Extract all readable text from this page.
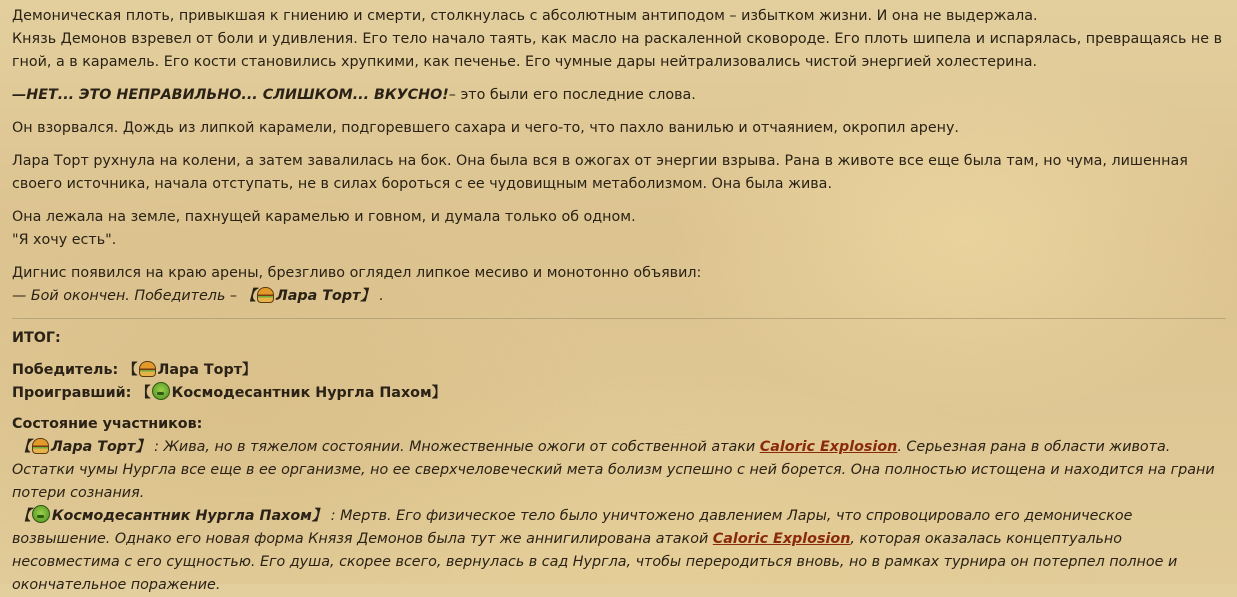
Демоническая плоть, привыкшая к гниению и смерти, столкнулась с абсолютным антиподом – избытком жизни. И она не выдержала.
Князь Демонов взревел от боли и удивления. Его тело начало таять, как масло на раскаленной сковороде. Его плоть шипела и испарялась, превращаясь не в гной, а в карамель. Его кости становились хрупкими, как печенье. Его чумные дары нейтрализовались чистой энергией холестерина.

—НЕТ... ЭТО НЕПРАВИЛЬНО... СЛИШКОМ... ВКУСНО!– это были его последние слова.

Он взорвался. Дождь из липкой карамели, подгоревшего сахара и чего-то, что пахло ванилью и отчаянием, окропил арену.

Лара Торт рухнула на колени, а затем завалилась на бок. Она была вся в ожогах от энергии взрыва. Рана в животе все еще была там, но чума, лишенная своего источника, начала отступать, не в силах бороться с ее чудовищным метаболизмом. Она была жива.

Она лежала на земле, пахнущей карамелью и говном, и думала только об одном.
"Я хочу есть".

Дигнис появился на краю арены, брезгливо оглядел липкое месиво и монотонно объявил:
— Бой окончен. Победитель – 【 Лара Торт】 .

ИТОГ:

Победитель: 【 Лара Торт】
Проигравший: 【 Космодесантник Нургла Пахом】

Состояние участников:
【 Лара Торт】 : Жива, но в тяжелом состоянии. Множественные ожоги от собственной атаки Caloric Explosion. Серьезная рана в области живота. Остатки чумы Нургла все еще в ее организме, но ее сверхчеловеческий мета болизм успешно с ней борется. Она полностью истощена и находится на грани потери сознания.
【 Космодесантник Нургла Пахом】 : Мертв. Его физическое тело было уничтожено давлением Лары, что спровоцировало его демоническое возвышение. Однако его новая форма Князя Демонов была тут же аннигилирована атакой Caloric Explosion, которая оказалась концептуально несовместима с его сущностью. Его душа, скорее всего, вернулась в сад Нургла, чтобы переродиться вновь, но в рамках турнира он потерпел полное и окончательное поражение.
